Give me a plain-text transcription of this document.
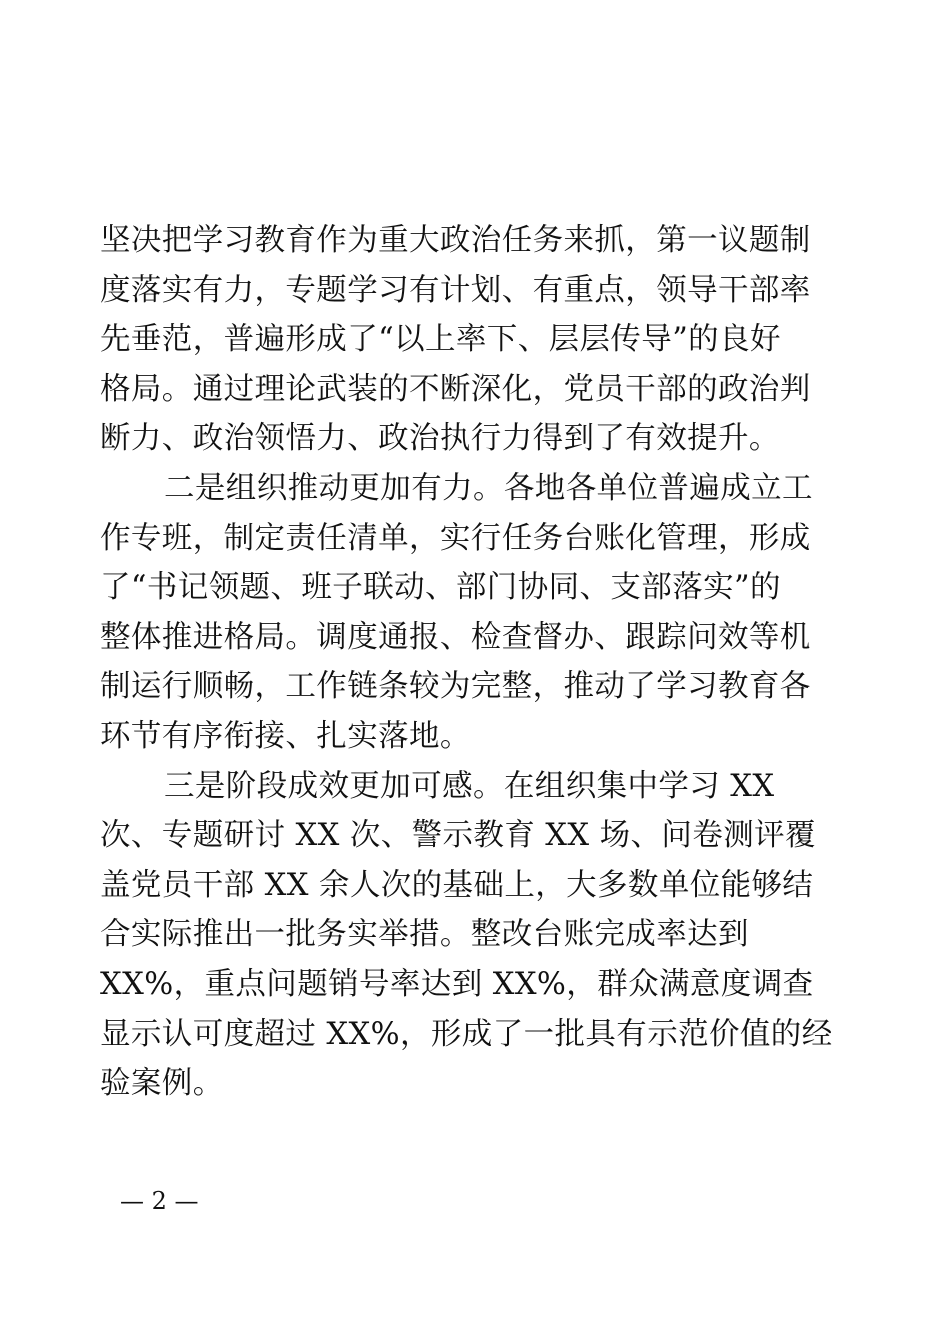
坚决把学习教育作为重大政治任务来抓，第一议题制
度落实有力，专题学习有计划、有重点，领导干部率
先垂范，普遍形成了“以上率下、层层传导”的良好
格局。通过理论武装的不断深化，党员干部的政治判
断力、政治领悟力、政治执行力得到了有效提升。
二是组织推动更加有力。各地各单位普遍成立工
作专班，制定责任清单，实行任务台账化管理，形成
了“书记领题、班子联动、部门协同、支部落实”的
整体推进格局。调度通报、检查督办、跟踪问效等机
制运行顺畅，工作链条较为完整，推动了学习教育各
环节有序衔接、扎实落地。
三是阶段成效更加可感。在组织集中学习 XX
次、专题研讨 XX 次、警示教育 XX 场、问卷测评覆
盖党员干部 XX 余人次的基础上，大多数单位能够结
合实际推出一批务实举措。整改台账完成率达到
XX%，重点问题销号率达到 XX%，群众满意度调查
显示认可度超过 XX%，形成了一批具有示范价值的经
验案例。
— 2 —
